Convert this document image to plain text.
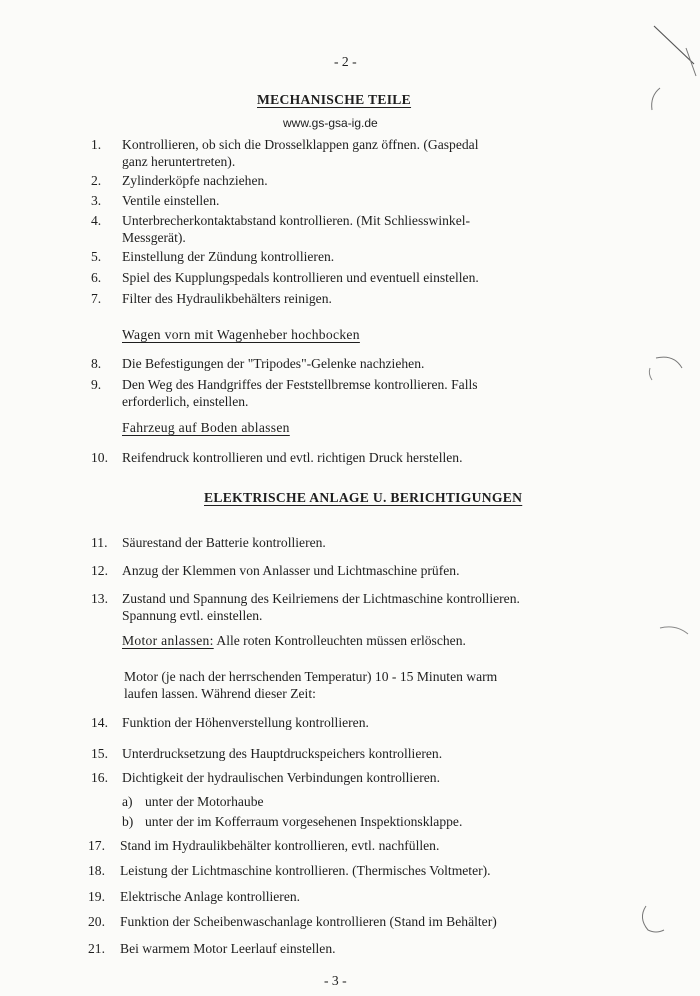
- 2 -
MECHANISCHE TEILE
www.gs-gsa-ig.de
1. Kontrollieren, ob sich die Drosselklappen ganz öffnen. (Gaspedal
ganz heruntertreten).
2. Zylinderköpfe nachziehen.
3. Ventile einstellen.
4. Unterbrecherkontaktabstand kontrollieren. (Mit Schliesswinkel-
Messgerät).
5. Einstellung der Zündung kontrollieren.
6. Spiel des Kupplungspedals kontrollieren und eventuell einstellen.
7. Filter des Hydraulikbehälters reinigen.
Wagen vorn mit Wagenheber hochbocken
8. Die Befestigungen der "Tripodes"-Gelenke nachziehen.
9. Den Weg des Handgriffes der Feststellbremse kontrollieren. Falls
erforderlich, einstellen.
Fahrzeug auf Boden ablassen
10. Reifendruck kontrollieren und evtl. richtigen Druck herstellen.
ELEKTRISCHE ANLAGE U. BERICHTIGUNGEN
11. Säurestand der Batterie kontrollieren.
12. Anzug der Klemmen von Anlasser und Lichtmaschine prüfen.
13. Zustand und Spannung des Keilriemens der Lichtmaschine kontrollieren.
Spannung evtl. einstellen.
Motor anlassen: Alle roten Kontrolleuchten müssen erlöschen.
Motor (je nach der herrschenden Temperatur) 10 - 15 Minuten warm
laufen lassen. Während dieser Zeit:
14. Funktion der Höhenverstellung kontrollieren.
15. Unterdrucksetzung des Hauptdruckspeichers kontrollieren.
16. Dichtigkeit der hydraulischen Verbindungen kontrollieren.
a) unter der Motorhaube
b) unter der im Kofferraum vorgesehenen Inspektionsklappe.
17. Stand im Hydraulikbehälter kontrollieren, evtl. nachfüllen.
18. Leistung der Lichtmaschine kontrollieren. (Thermisches Voltmeter).
19. Elektrische Anlage kontrollieren.
20. Funktion der Scheibenwaschanlage kontrollieren (Stand im Behälter)
21. Bei warmem Motor Leerlauf einstellen.
- 3 -
